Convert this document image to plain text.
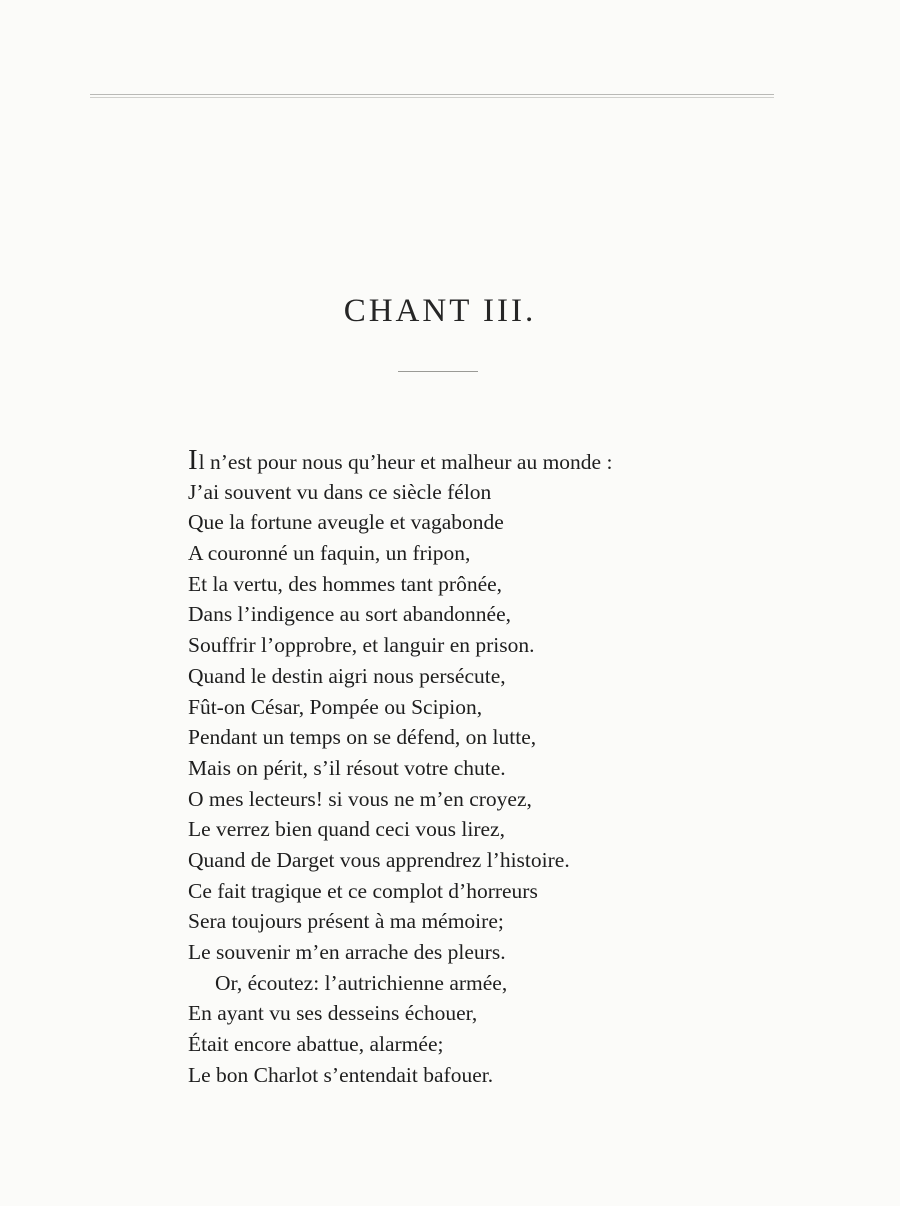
CHANT III.
Il n’est pour nous qu’heur et malheur au monde :
J’ai souvent vu dans ce siècle félon
Que la fortune aveugle et vagabonde
A couronné un faquin, un fripon,
Et la vertu, des hommes tant prônée,
Dans l’indigence au sort abandonnée,
Souffrir l’opprobre, et languir en prison.
Quand le destin aigri nous persécute,
Fût-on César, Pompée ou Scipion,
Pendant un temps on se défend, on lutte,
Mais on périt, s’il résout votre chute.
O mes lecteurs! si vous ne m’en croyez,
Le verrez bien quand ceci vous lirez,
Quand de Darget vous apprendrez l’histoire.
Ce fait tragique et ce complot d’horreurs
Sera toujours présent à ma mémoire;
Le souvenir m’en arrache des pleurs.
Or, écoutez: l’autrichienne armée,
En ayant vu ses desseins échouer,
Était encore abattue, alarmée;
Le bon Charlot s’entendait bafouer.
